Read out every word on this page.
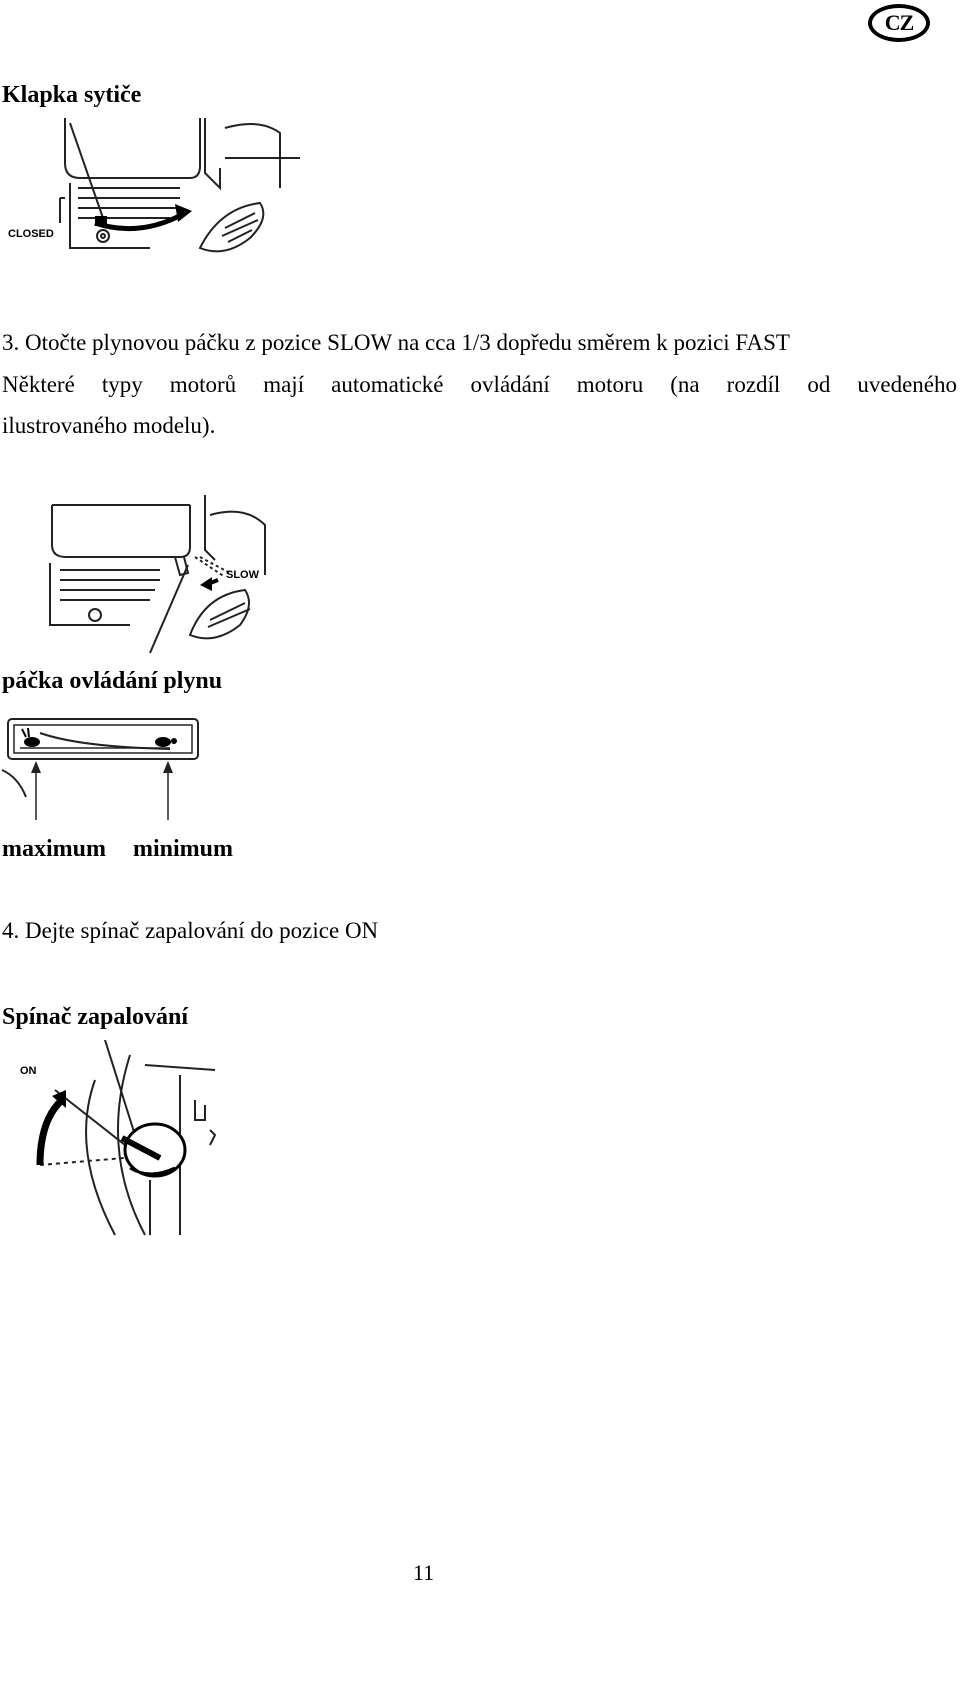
CZ
Klapka sytiče
CLOSED
3. Otočte plynovou páčku z pozice SLOW na cca 1/3 dopředu směrem k pozici FAST
Některé typy motorů mají automatické ovládání motoru (na rozdíl od uvedeného
ilustrovaného modelu).
SLOW
páčka ovládání plynu
maximum minimum
4. Dejte spínač zapalování do pozice ON
Spínač zapalování
ON
11
